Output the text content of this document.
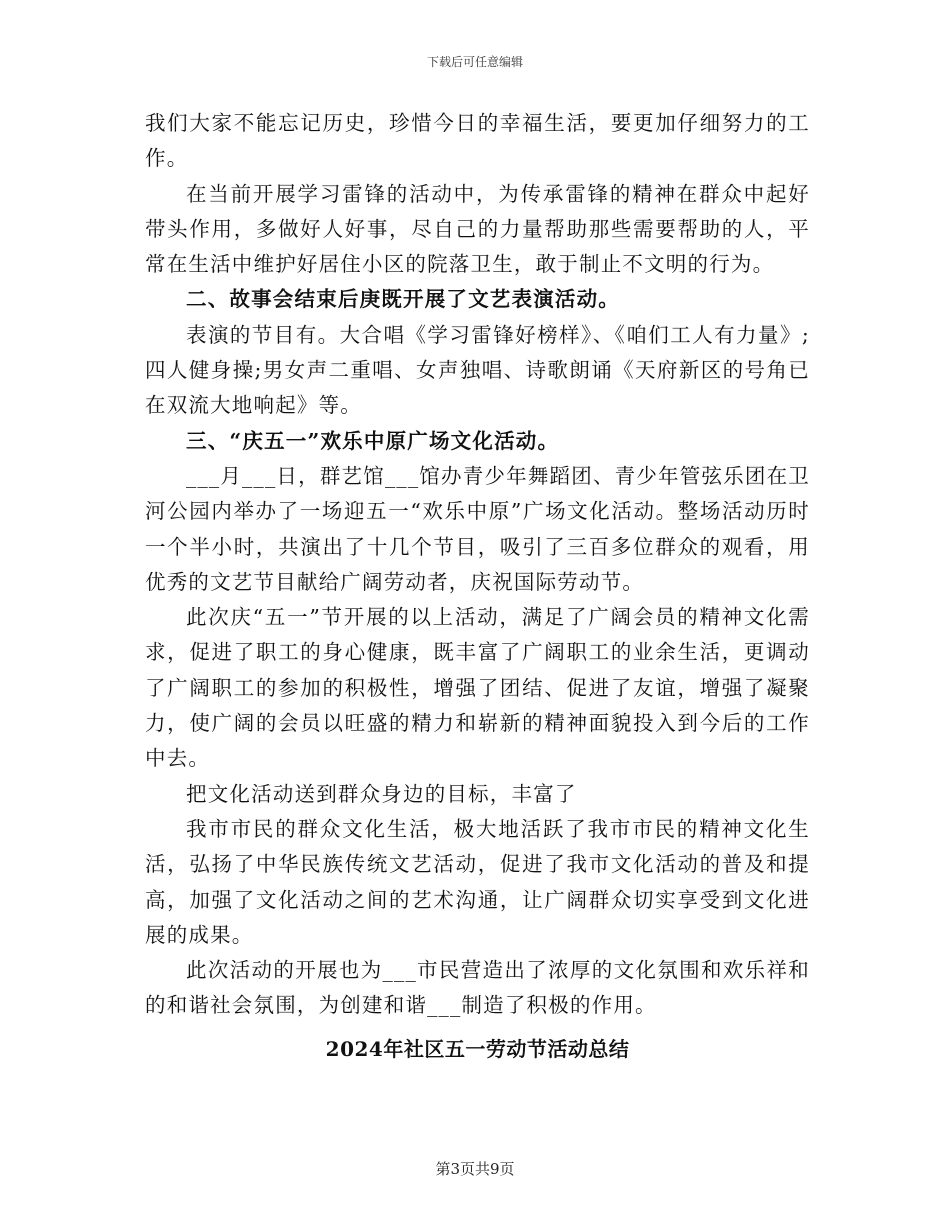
下载后可任意编辑

我们大家不能忘记历史，珍惜今日的幸福生活，要更加仔细努力的工作。

在当前开展学习雷锋的活动中，为传承雷锋的精神在群众中起好带头作用，多做好人好事，尽自己的力量帮助那些需要帮助的人，平常在生活中维护好居住小区的院落卫生，敢于制止不文明的行为。

二、故事会结束后庚既开展了文艺表演活动。

表演的节目有。大合唱《学习雷锋好榜样》、《咱们工人有力量》;四人健身操;男女声二重唱、女声独唱、诗歌朗诵《天府新区的号角已在双流大地响起》等。

三、“庆五一”欢乐中原广场文化活动。

___月___日，群艺馆___馆办青少年舞蹈团、青少年管弦乐团在卫河公园内举办了一场迎五一“欢乐中原”广场文化活动。整场活动历时一个半小时，共演出了十几个节目，吸引了三百多位群众的观看，用优秀的文艺节目献给广阔劳动者，庆祝国际劳动节。

此次庆“五一”节开展的以上活动，满足了广阔会员的精神文化需求，促进了职工的身心健康，既丰富了广阔职工的业余生活，更调动了广阔职工的参加的积极性，增强了团结、促进了友谊，增强了凝聚力，使广阔的会员以旺盛的精力和崭新的精神面貌投入到今后的工作中去。

把文化活动送到群众身边的目标，丰富了

我市市民的群众文化生活，极大地活跃了我市市民的精神文化生活，弘扬了中华民族传统文艺活动，促进了我市文化活动的普及和提高，加强了文化活动之间的艺术沟通，让广阔群众切实享受到文化进展的成果。

此次活动的开展也为___市民营造出了浓厚的文化氛围和欢乐祥和的和谐社会氛围，为创建和谐___制造了积极的作用。

2024年社区五一劳动节活动总结

第3页共9页
